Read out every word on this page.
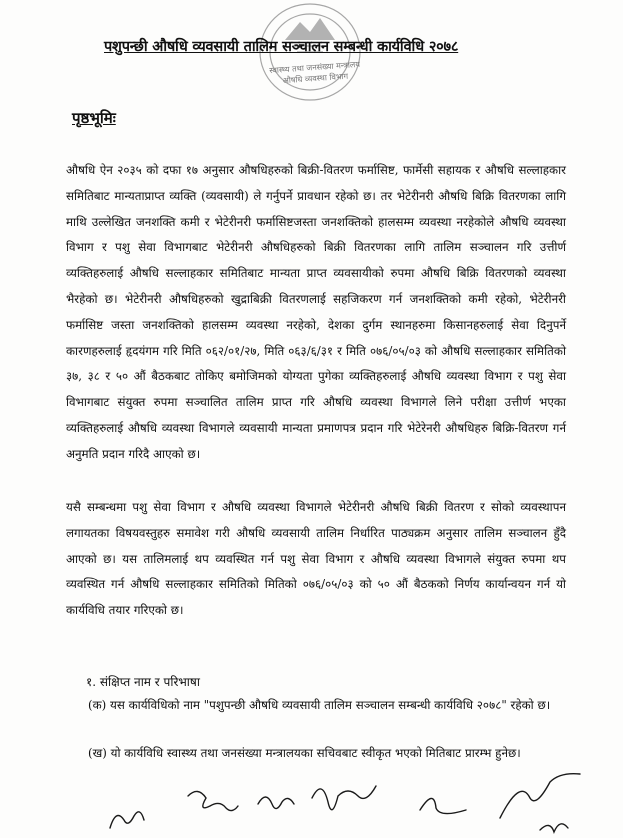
पशुपन्छी औषधि व्यवसायी तालिम सञ्चालन सम्बन्धी कार्यविधि २०७८
स्वास्थ्य तथा जनसंख्या मन्त्रालय
औषधि व्यवस्था विभाग
पृष्ठभूमिः
औषधि ऐन २०३५ को दफा १७ अनुसार औषधिहरुको बिक्री-वितरण फर्मासिष्ट, फार्मेसी सहायक र औषधि सल्लाहकार समितिबाट मान्यताप्राप्त व्यक्ति (व्यवसायी) ले गर्नुपर्ने प्रावधान रहेको छ। तर भेटेरीनरी औषधि बिक्रि वितरणका लागि माथि उल्लेखित जनशक्ति कमी र भेटेरीनरी फर्मासिष्टजस्ता जनशक्तिको हालसम्म व्यवस्था नरहेकोले औषधि व्यवस्था विभाग र पशु सेवा विभागबाट भेटेरीनरी औषधिहरुको बिक्री वितरणका लागि तालिम सञ्चालन गरि उत्तीर्ण व्यक्तिहरुलाई औषधि सल्लाहकार समितिबाट मान्यता प्राप्त व्यवसायीको रुपमा औषधि बिक्रि वितरणको व्यवस्था भैरहेको छ। भेटेरीनरी औषधिहरुको खुद्राबिक्री वितरणलाई सहजिकरण गर्न जनशक्तिको कमी रहेको, भेटेरीनरी फर्मासिष्ट जस्ता जनशक्तिको हालसम्म व्यवस्था नरहेको, देशका दुर्गम स्थानहरुमा किसानहरुलाई सेवा दिनुपर्ने कारणहरुलाई हृदयंगम गरि मिति ०६२/०१/२७, मिति ०६३/६/३१ र मिति ०७६/०५/०३ को औषधि सल्लाहकार समितिको ३७, ३८ र ५० औं बैठकबाट तोकिए बमोजिमको योग्यता पुगेका व्यक्तिहरुलाई औषधि व्यवस्था विभाग र पशु सेवा विभागबाट संयुक्त रुपमा सञ्चालित तालिम प्राप्त गरि औषधि व्यवस्था विभागले लिने परीक्षा उत्तीर्ण भएका व्यक्तिहरुलाई औषधि व्यवस्था विभागले व्यवसायी मान्यता प्रमाणपत्र प्रदान गरि भेटेरेनरी औषधिहरु बिक्रि-वितरण गर्न अनुमति प्रदान गरिदै आएको छ।
यसै सम्बन्धमा पशु सेवा विभाग र औषधि व्यवस्था विभागले भेटेरीनरी औषधि बिक्री वितरण र सोको व्यवस्थापन लगायतका विषयवस्तुहरु समावेश गरी औषधि व्यवसायी तालिम निर्धारित पाठ्यक्रम अनुसार तालिम सञ्चालन हुँदै आएको छ। यस तालिमलाई थप व्यवस्थित गर्न पशु सेवा विभाग र औषधि व्यवस्था विभागले संयुक्त रुपमा थप व्यवस्थित गर्न औषधि सल्लाहकार समितिको मितिको ०७६/०५/०३ को ५० औं बैठकको निर्णय कार्यान्वयन गर्न यो कार्यविधि तयार गरिएको छ।
१. संक्षिप्त नाम र परिभाषा
(क) यस कार्यविधिको नाम "पशुपन्छी औषधि व्यवसायी तालिम सञ्चालन सम्बन्धी कार्यविधि २०७८" रहेको छ।
(ख) यो कार्यविधि स्वास्थ्य तथा जनसंख्या मन्त्रालयका सचिवबाट स्वीकृत भएको मितिबाट प्रारम्भ हुनेछ।
